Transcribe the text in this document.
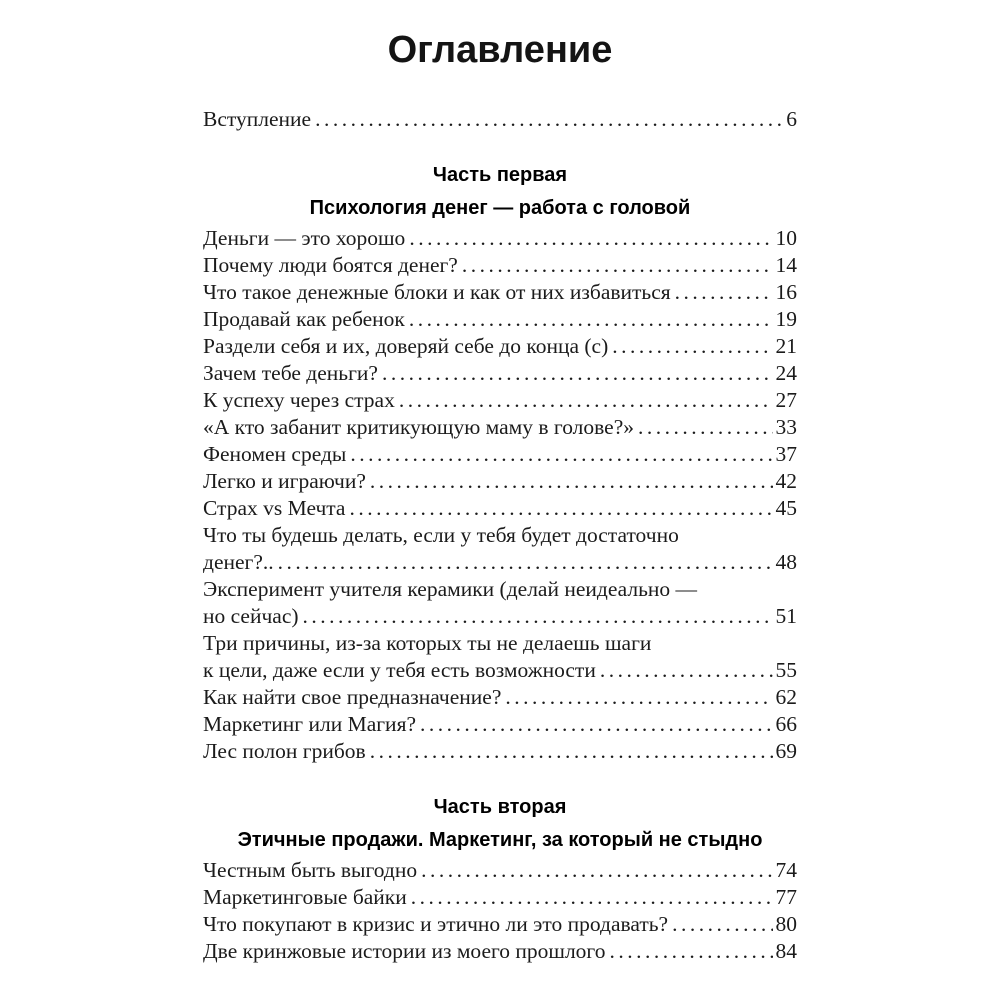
Оглавление
Вступление .....	6
Часть первая
Психология денег — работа с головой
Деньги — это хорошо .....	10
Почему люди боятся денег? .....	14
Что такое денежные блоки и как от них избавиться .....	16
Продавай как ребенок .....	19
Раздели себя и их, доверяй себе до конца (с) .....	21
Зачем тебе деньги? .....	24
К успеху через страх .....	27
«А кто забанит критикующую маму в голове?» .....	33
Феномен среды .....	37
Легко и играючи? .....	42
Страх vs Мечта .....	45
Что ты будешь делать, если у тебя будет достаточно
денег?.. .....	48
Эксперимент учителя керамики (делай неидеально —
но сейчас) .....	51
Три причины, из-за которых ты не делаешь шаги
к цели, даже если у тебя есть возможности .....	55
Как найти свое предназначение? .....	62
Маркетинг или Магия? .....	66
Лес полон грибов .....	69
Часть вторая
Этичные продажи. Маркетинг, за который не стыдно
Честным быть выгодно .....	74
Маркетинговые байки .....	77
Что покупают в кризис и этично ли это продавать? .....	80
Две кринжовые истории из моего прошлого .....	84
